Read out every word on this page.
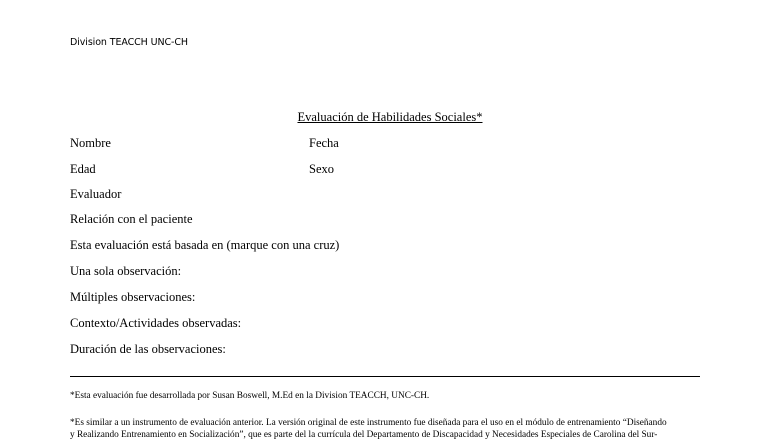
Division TEACCH UNC-CH
Evaluación de Habilidades Sociales*
Nombre	Fecha
Edad	Sexo
Evaluador
Relación con el paciente
Esta evaluación está basada en (marque con una cruz)
Una sola observación:
Múltiples observaciones:
Contexto/Actividades observadas:
Duración de las observaciones:
*Esta evaluación fue desarrollada por Susan Boswell, M.Ed en la Division TEACCH, UNC-CH.
*Es similar a un instrumento de evaluación anterior. La versión original de este instrumento fue diseñada para el uso en el módulo de entrenamiento “Diseñando
y Realizando Entrenamiento en Socialización”, que es parte del la currícula del Departamento de Discapacidad y Necesidades Especiales de Carolina del Sur-
